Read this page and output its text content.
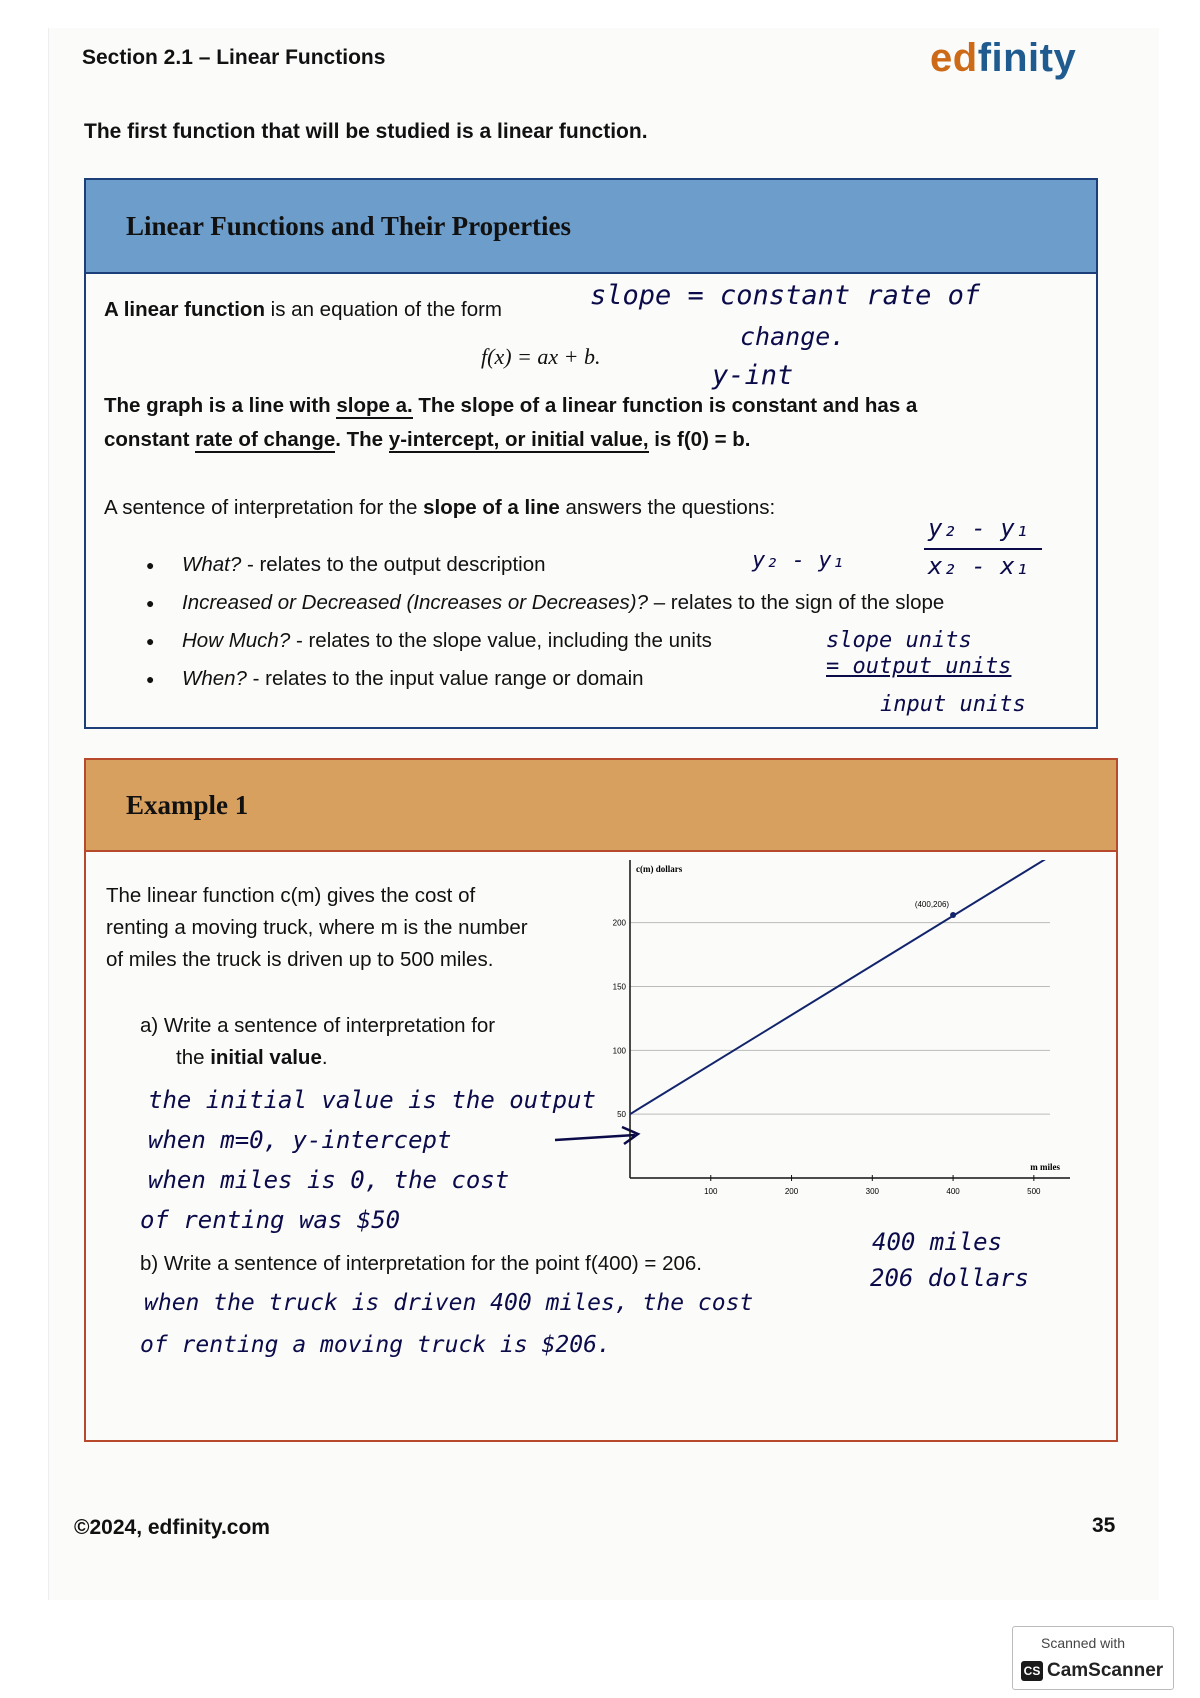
Section 2.1 – Linear Functions	edfinity
The first function that will be studied is a linear function.
Linear Functions and Their Properties

A linear function is an equation of the form

f(x) = ax + b.

The graph is a line with slope a. The slope of a linear function is constant and has a

constant rate of change. The y-intercept, or initial value, is f(0) = b.

A sentence of interpretation for the slope of a line answers the questions:

● What? - relates to the output description
● Increased or Decreased (Increases or Decreases)? – relates to the sign of the slope
● How Much? - relates to the slope value, including the units
● When? - relates to the input value range or domain
slope = constant rate of
change.
y-int
y₂ - y₁
x₂ - x₁
y₂ - y₁
slope units
= output units
input units
Example 1

The linear function c(m) gives the cost of

renting a moving truck, where m is the number

of miles the truck is driven up to 500 miles.

a) Write a sentence of interpretation for

the initial value.

b) Write a sentence of interpretation for the point f(400) = 206.

the initial value is the output
when m=0, y-intercept
when miles is 0, the cost
of renting was $50
400 miles
206 dollars
when the truck is driven 400 miles, the cost
of renting a moving truck is $206.
50
100
150
200
100	200	300	400	500
(400,206)
c(m) dollars
m miles
©2024, edfinity.com	35
Scanned with
CS CamScanner
